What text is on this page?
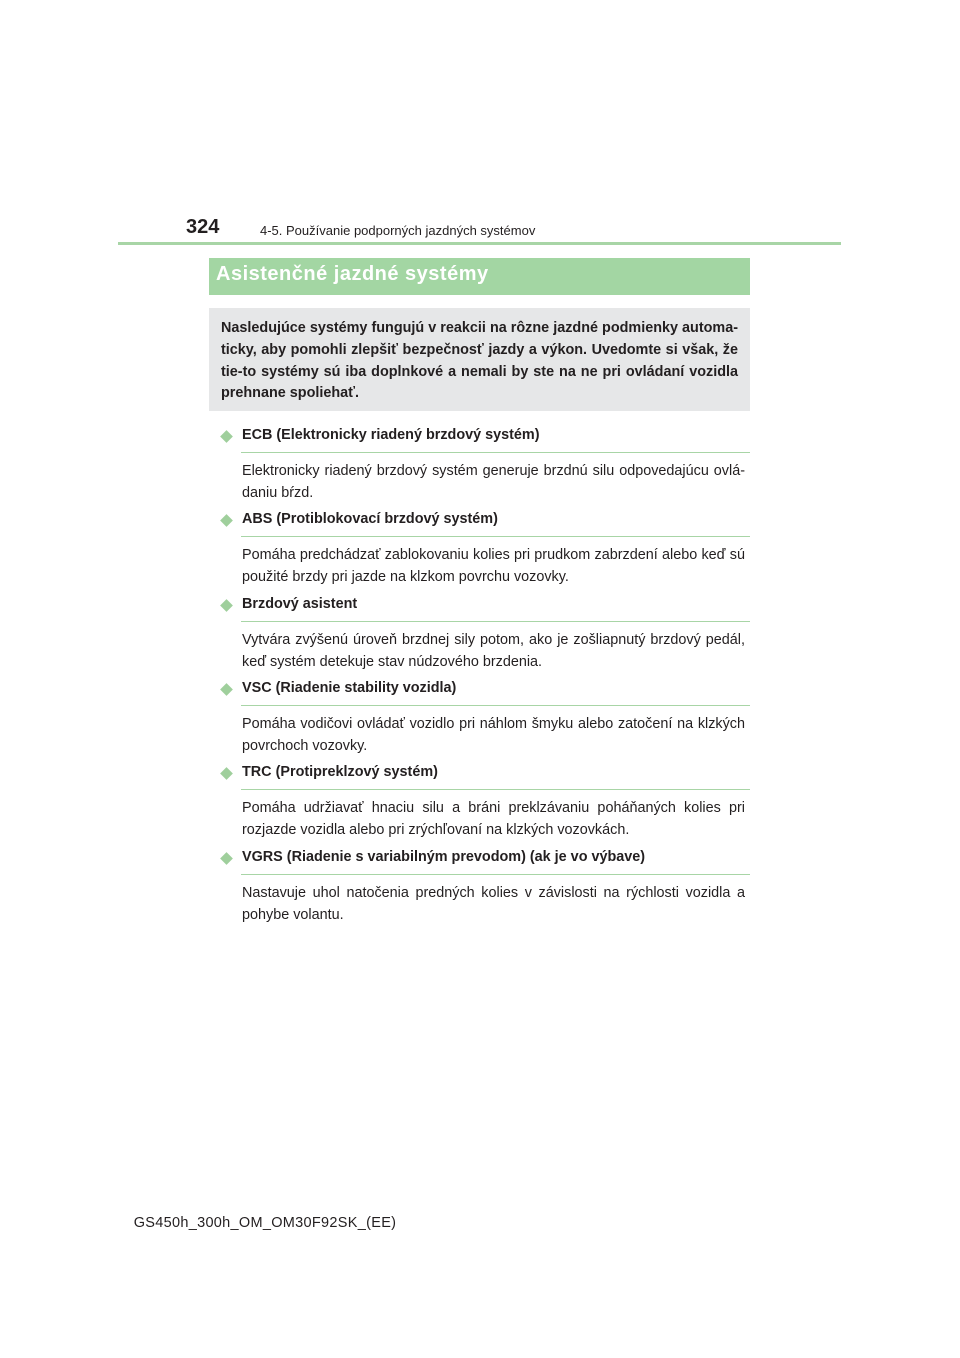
324	4-5. Používanie podporných jazdných systémov
Asistenčné jazdné systémy

Nasledujúce systémy fungujú v reakcii na rôzne jazdné podmienky automa-ticky, aby pomohli zlepšiť bezpečnosť jazdy a výkon. Uvedomte si však, že tie-to systémy sú iba doplnkové a nemali by ste na ne pri ovládaní vozidla prehnane spoliehať.

ECB (Elektronicky riadený brzdový systém)

Elektronicky riadený brzdový systém generuje brzdnú silu odpovedajúcu ovlá-daniu bŕzd.

ABS (Protiblokovací brzdový systém)

Pomáha predchádzať zablokovaniu kolies pri prudkom zabrzdení alebo keď sú použité brzdy pri jazde na klzkom povrchu vozovky.

Brzdový asistent

Vytvára zvýšenú úroveň brzdnej sily potom, ako je zošliapnutý brzdový pedál, keď systém detekuje stav núdzového brzdenia.

VSC (Riadenie stability vozidla)

Pomáha vodičovi ovládať vozidlo pri náhlom šmyku alebo zatočení na klzkých povrchoch vozovky.

TRC (Protipreklzový systém)

Pomáha udržiavať hnaciu silu a bráni preklzávaniu poháňaných kolies pri rozjazde vozidla alebo pri zrýchľovaní na klzkých vozovkách.

VGRS (Riadenie s variabilným prevodom) (ak je vo výbave)

Nastavuje uhol natočenia predných kolies v závislosti na rýchlosti vozidla a pohybe volantu.

GS450h_300h_OM_OM30F92SK_(EE)
